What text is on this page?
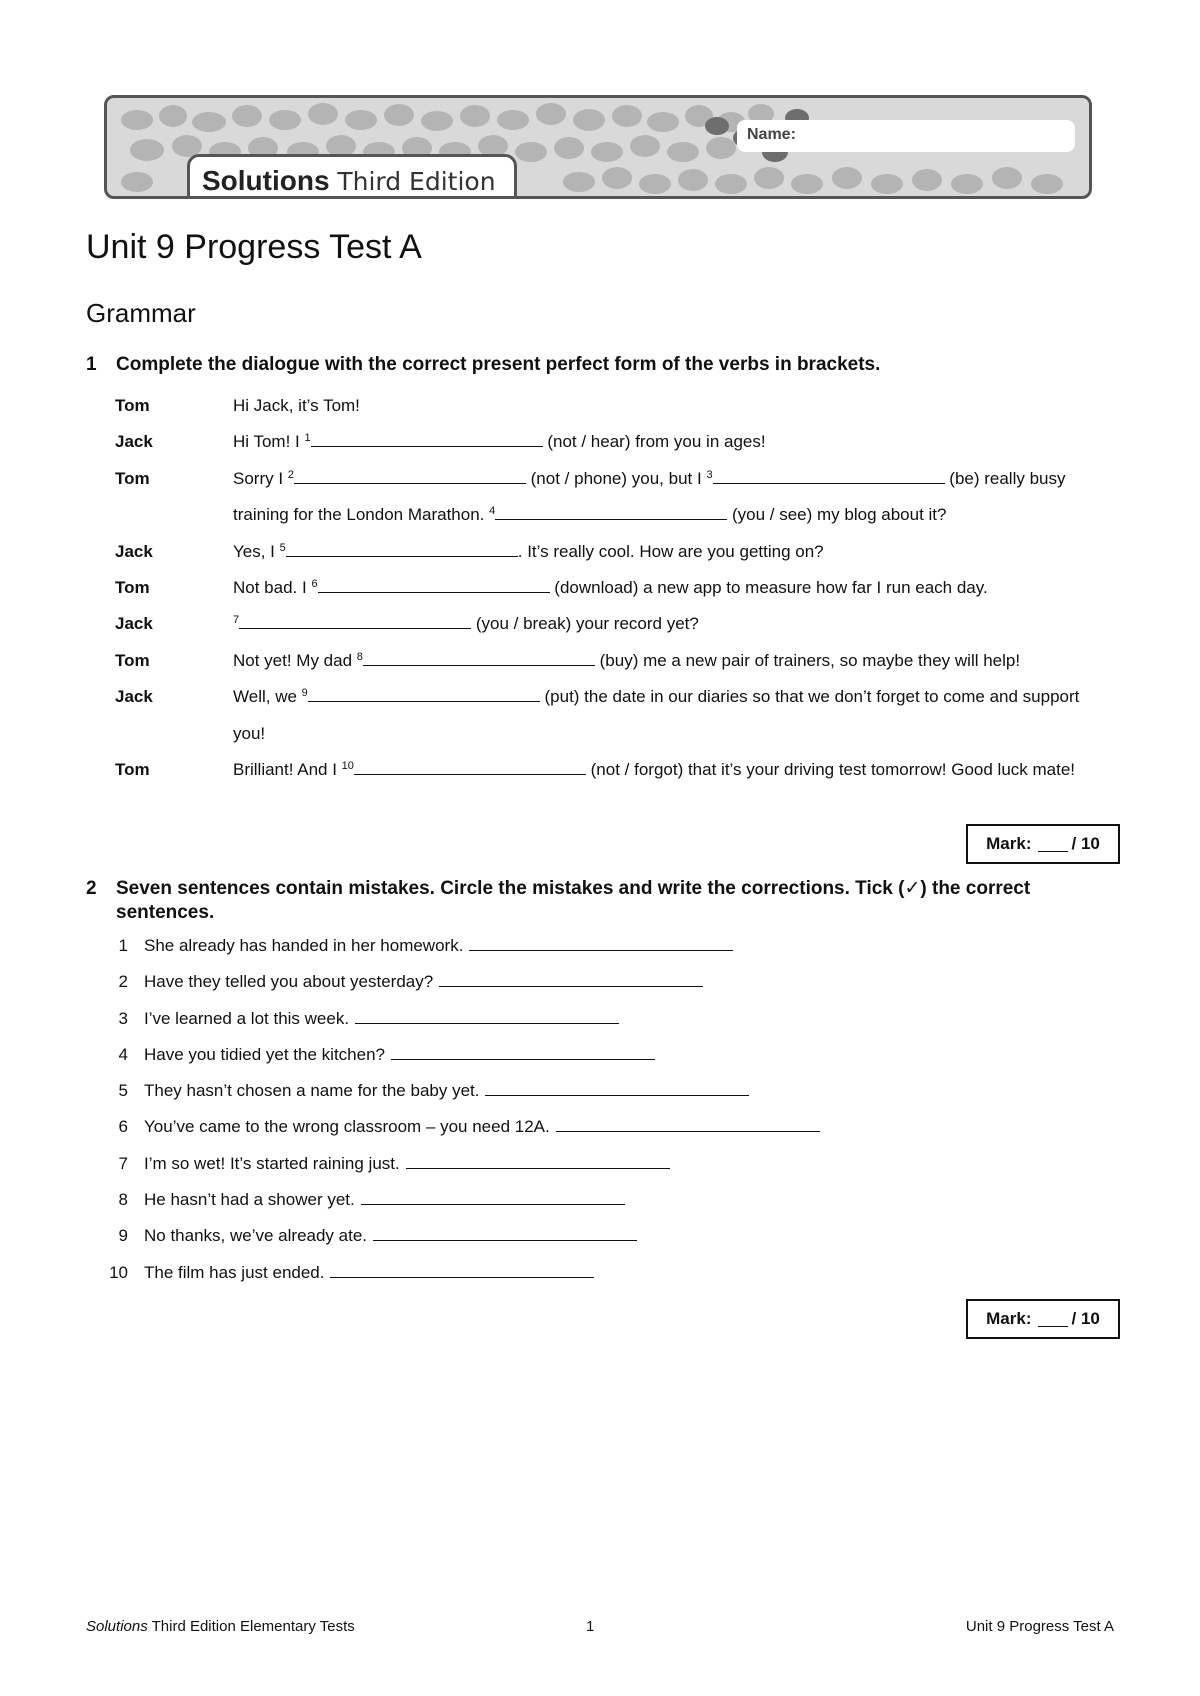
Name:
Solutions Third Edition
Unit 9 Progress Test A
Grammar
1 Complete the dialogue with the correct present perfect form of the verbs in brackets.
Tom	Hi Jack, it’s Tom!
Jack	Hi Tom! I $^1$	(not / hear) from you in ages!
Tom	Sorry I $^2$	(not / phone) you, but I $^3$	(be) really busy training for the London Marathon. $^4$	(you / see) my blog about it?
Jack	Yes, I $^5$	. It’s really cool. How are you getting on?
Tom	Not bad. I $^6$	(download) a new app to measure how far I run each day.
Jack	$^7$	(you / break) your record yet?
Tom	Not yet! My dad $^8$	(buy) me a new pair of trainers, so maybe they will help!
Jack	Well, we $^9$	(put) the date in our diaries so that we don’t forget to come and support you!
Tom	Brilliant! And I $^{10}$	(not / forgot) that it’s your driving test tomorrow! Good luck mate!
Mark: / 10
2 Seven sentences contain mistakes. Circle the mistakes and write the corrections. Tick (✓) the correct sentences.
1 She already has handed in her homework.
2 Have they telled you about yesterday?
3 I’ve learned a lot this week.
4 Have you tidied yet the kitchen?
5 They hasn’t chosen a name for the baby yet.
6 You’ve came to the wrong classroom – you need 12A.
7 I’m so wet! It’s started raining just.
8 He hasn’t had a shower yet.
9 No thanks, we’ve already ate.
10 The film has just ended.
Mark: / 10
Solutions Third Edition Elementary Tests	1	Unit 9 Progress Test A
